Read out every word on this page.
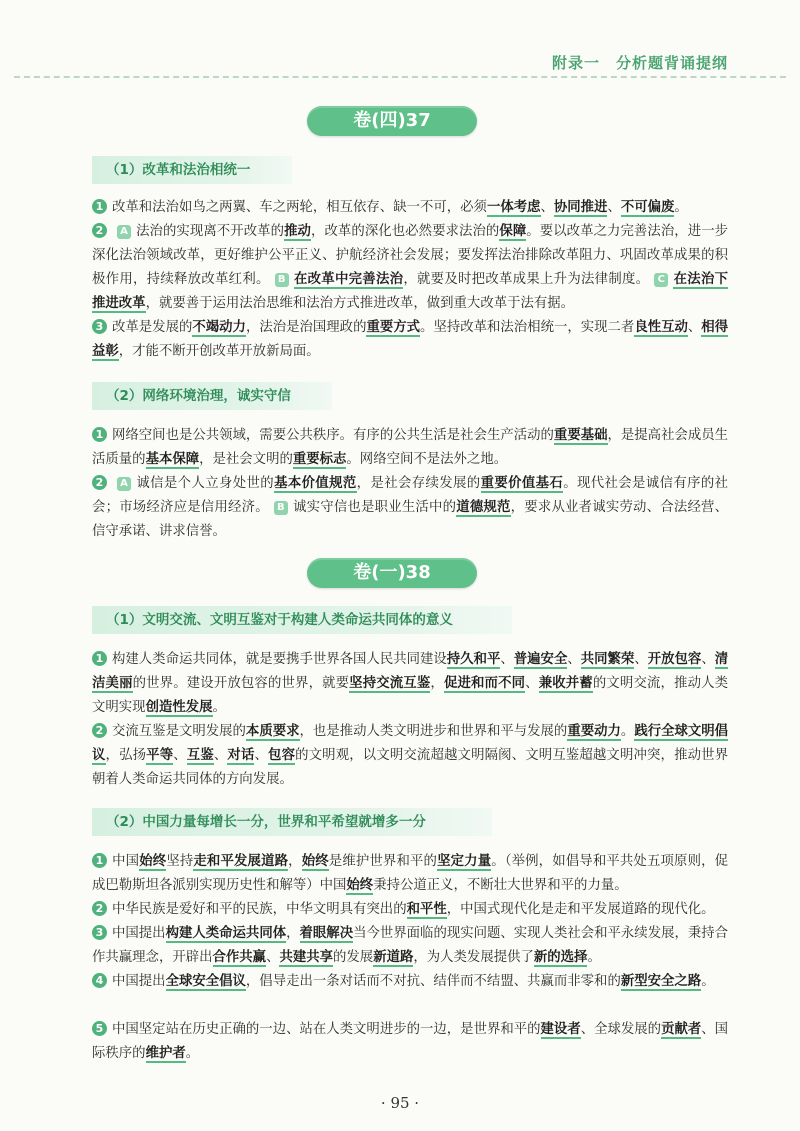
附录一　分析题背诵提纲
卷(四)37
（1）改革和法治相统一
1 改革和法治如鸟之两翼、车之两轮，相互依存、缺一不可，必须一体考虑、协同推进、不可偏废。
2 A 法治的实现离不开改革的推动，改革的深化也必然要求法治的保障。要以改革之力完善法治，进一步深化法治领域改革，更好维护公平正义、护航经济社会发展；要发挥法治排除改革阻力、巩固改革成果的积极作用，持续释放改革红利。 B 在改革中完善法治，就要及时把改革成果上升为法律制度。 C 在法治下推进改革，就要善于运用法治思维和法治方式推进改革，做到重大改革于法有据。
3 改革是发展的不竭动力，法治是治国理政的重要方式。坚持改革和法治相统一，实现二者良性互动、相得益彰，才能不断开创改革开放新局面。
（2）网络环境治理，诚实守信
1 网络空间也是公共领域，需要公共秩序。有序的公共生活是社会生产活动的重要基础，是提高社会成员生活质量的基本保障，是社会文明的重要标志。网络空间不是法外之地。
2 A 诚信是个人立身处世的基本价值规范，是社会存续发展的重要价值基石。现代社会是诚信有序的社会；市场经济应是信用经济。 B 诚实守信也是职业生活中的道德规范，要求从业者诚实劳动、合法经营、信守承诺、讲求信誉。
卷(一)38
（1）文明交流、文明互鉴对于构建人类命运共同体的意义
1 构建人类命运共同体，就是要携手世界各国人民共同建设持久和平、普遍安全、共同繁荣、开放包容、清洁美丽的世界。建设开放包容的世界，就要坚持交流互鉴，促进和而不同、兼收并蓄的文明交流，推动人类文明实现创造性发展。
2 交流互鉴是文明发展的本质要求，也是推动人类文明进步和世界和平与发展的重要动力。践行全球文明倡议，弘扬平等、互鉴、对话、包容的文明观，以文明交流超越文明隔阂、文明互鉴超越文明冲突，推动世界朝着人类命运共同体的方向发展。
（2）中国力量每增长一分，世界和平希望就增多一分
1 中国始终坚持走和平发展道路，始终是维护世界和平的坚定力量。（举例，如倡导和平共处五项原则，促成巴勒斯坦各派别实现历史性和解等）中国始终秉持公道正义，不断壮大世界和平的力量。
2 中华民族是爱好和平的民族，中华文明具有突出的和平性，中国式现代化是走和平发展道路的现代化。
3 中国提出构建人类命运共同体，着眼解决当今世界面临的现实问题、实现人类社会和平永续发展，秉持合作共赢理念，开辟出合作共赢、共建共享的发展新道路，为人类发展提供了新的选择。
4 中国提出全球安全倡议，倡导走出一条对话而不对抗、结伴而不结盟、共赢而非零和的新型安全之路。
5 中国坚定站在历史正确的一边、站在人类文明进步的一边，是世界和平的建设者、全球发展的贡献者、国际秩序的维护者。
· 95 ·
